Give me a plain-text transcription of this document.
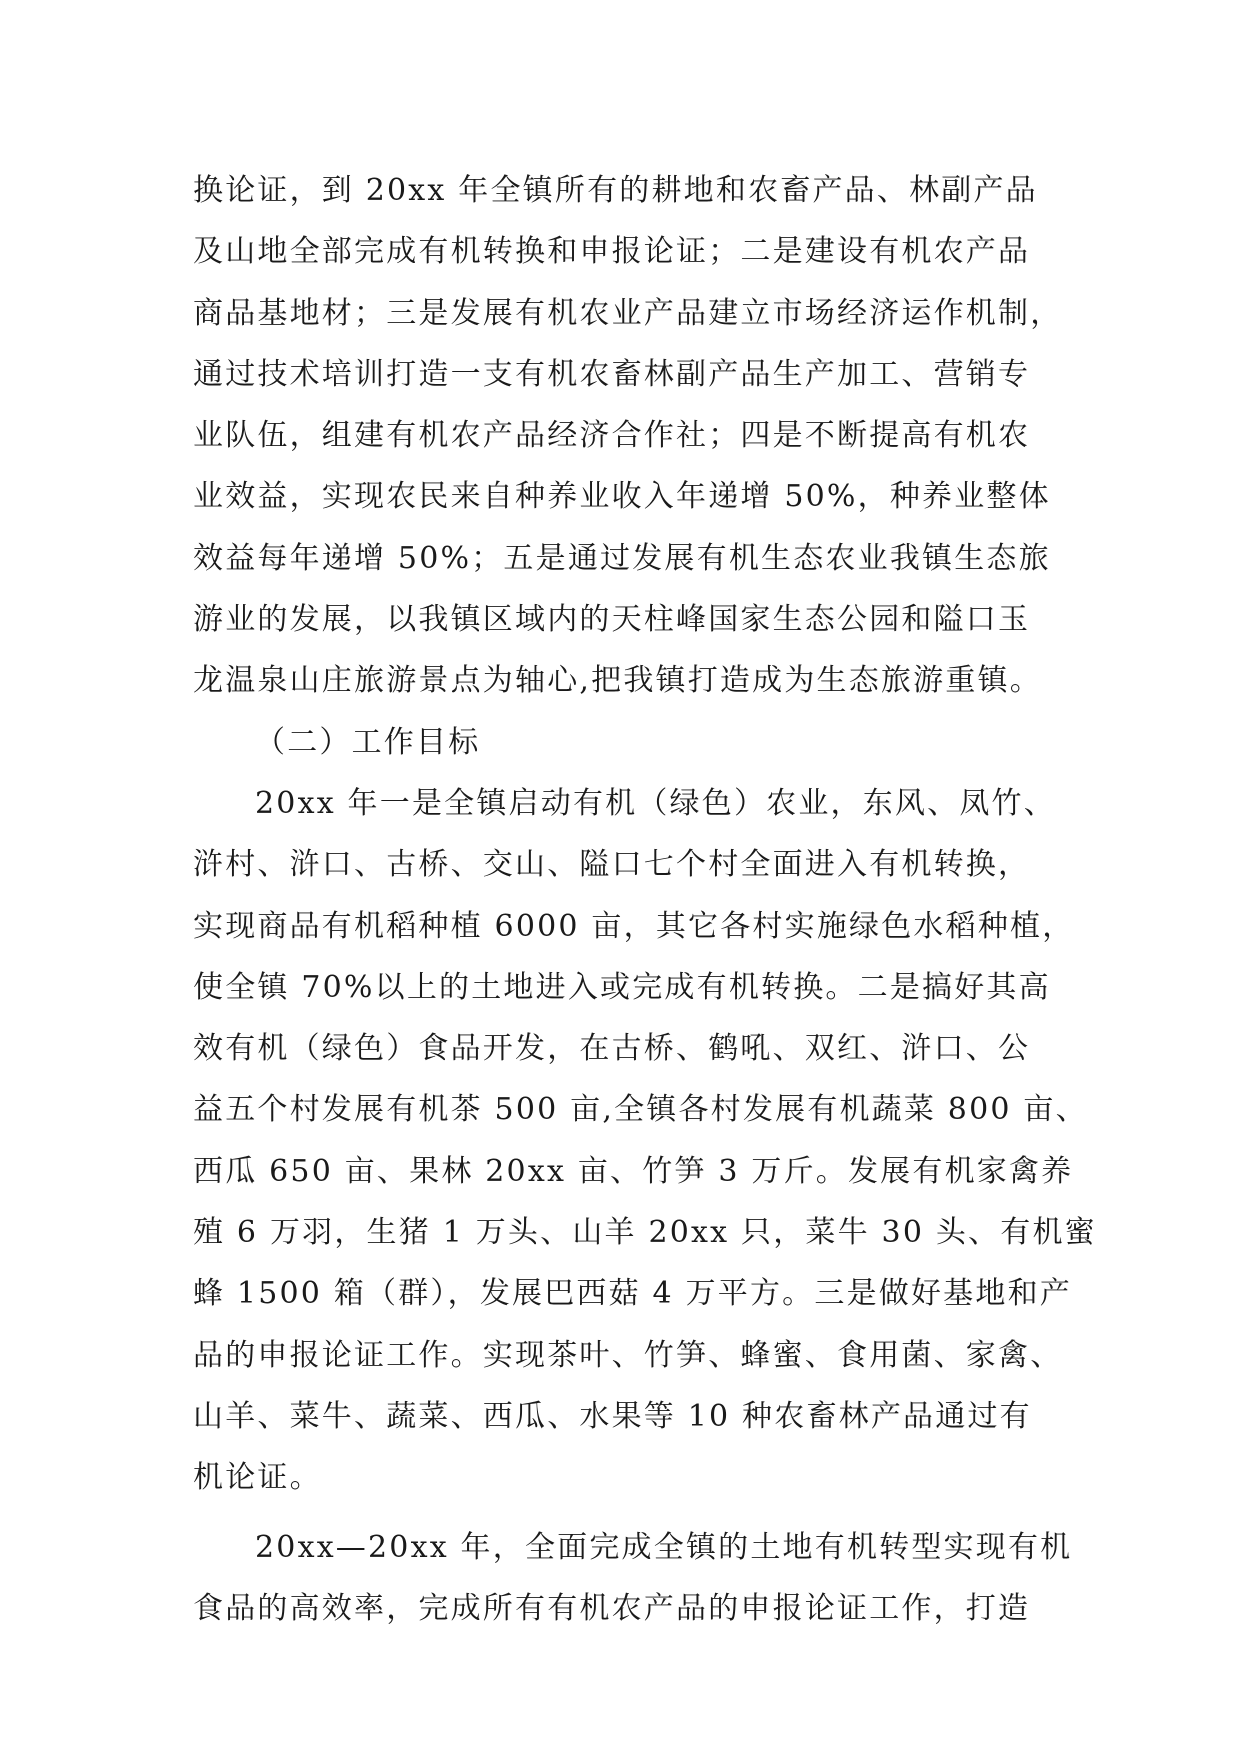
换论证，到 20xx 年全镇所有的耕地和农畜产品、林副产品
及山地全部完成有机转换和申报论证；二是建设有机农产品
商品基地材；三是发展有机农业产品建立市场经济运作机制，
通过技术培训打造一支有机农畜林副产品生产加工、营销专
业队伍，组建有机农产品经济合作社；四是不断提高有机农
业效益，实现农民来自种养业收入年递增 50%，种养业整体
效益每年递增 50%；五是通过发展有机生态农业我镇生态旅
游业的发展，以我镇区域内的天柱峰国家生态公园和隘口玉
龙温泉山庄旅游景点为轴心,把我镇打造成为生态旅游重镇。
（二）工作目标
20xx 年一是全镇启动有机（绿色）农业，东风、凤竹、
浒村、浒口、古桥、交山、隘口七个村全面进入有机转换，
实现商品有机稻种植 6000 亩，其它各村实施绿色水稻种植，
使全镇 70%以上的土地进入或完成有机转换。二是搞好其高
效有机（绿色）食品开发，在古桥、鹤吼、双红、浒口、公
益五个村发展有机茶 500 亩,全镇各村发展有机蔬菜 800 亩、
西瓜 650 亩、果林 20xx 亩、竹笋 3 万斤。发展有机家禽养
殖 6 万羽，生猪 1 万头、山羊 20xx 只，菜牛 30 头、有机蜜
蜂 1500 箱（群），发展巴西菇 4 万平方。三是做好基地和产
品的申报论证工作。实现茶叶、竹笋、蜂蜜、食用菌、家禽、
山羊、菜牛、蔬菜、西瓜、水果等 10 种农畜林产品通过有
机论证。
20xx—20xx 年，全面完成全镇的土地有机转型实现有机
食品的高效率，完成所有有机农产品的申报论证工作，打造
